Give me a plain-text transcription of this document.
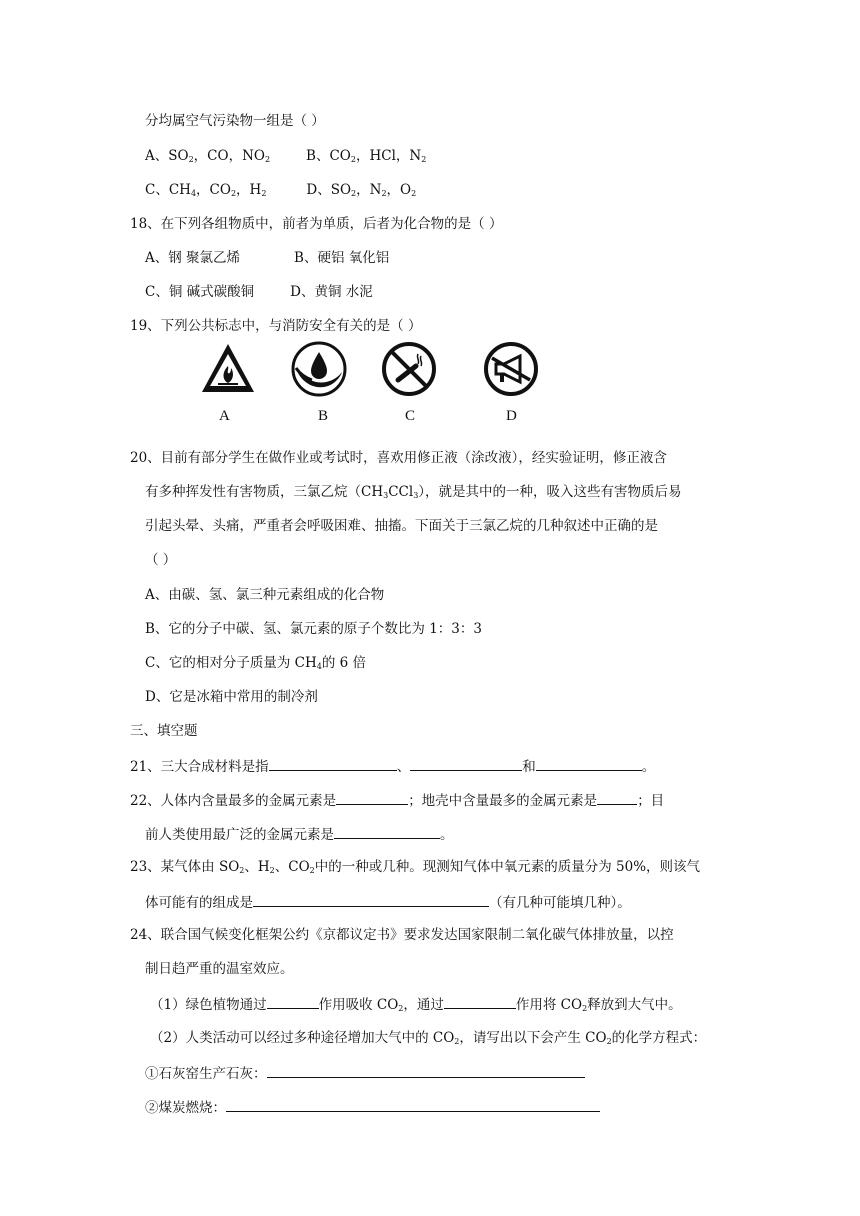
分均属空气污染物一组是（ ）
A、$SO_2$，CO，$NO_2$	B、$CO_2$，HCl，$N_2$
C、$CH_4$，$CO_2$，$H_2$	D、$SO_2$，$N_2$，$O_2$
18、在下列各组物质中，前者为单质，后者为化合物的是（ ）
A、钢 聚氯乙烯	B、硬铝 氧化铝
C、铜 碱式碳酸铜	D、黄铜 水泥
19、下列公共标志中，与消防安全有关的是（ ）
A	B	C	D
20、目前有部分学生在做作业或考试时，喜欢用修正液（涂改液），经实验证明，修正液含
有多种挥发性有害物质，三氯乙烷$(CH_3CCl_3)$，就是其中的一种，吸入这些有害物质后易
引起头晕、头痛，严重者会呼吸困难、抽搐。下面关于三氯乙烷的几种叙述中正确的是
（ ）
A、由碳、氢、氯三种元素组成的化合物
B、它的分子中碳、氢、氯元素的原子个数比为 1：3：3
C、它的相对分子质量为 $CH_4$的 6 倍
D、它是冰箱中常用的制冷剂
三、填空题
21、三大合成材料是指	、	和	。
22、人体内含量最多的金属元素是	；地壳中含量最多的金属元素是	；目
前人类使用最广泛的金属元素是	。
23、某气体由 $SO_2$、$H_2$、$CO_2$中的一种或几种。现测知气体中氧元素的质量分为 50%，则该气
体可能有的组成是	（有几种可能填几种）。
24、联合国气候变化框架公约《京都议定书》要求发达国家限制二氧化碳气体排放量，以控
制日趋严重的温室效应。
（1）绿色植物通过	作用吸收 $CO_2$，通过	作用将 $CO_2$释放到大气中。
（2）人类活动可以经过多种途径增加大气中的 $CO_2$，请写出以下会产生 $CO_2$的化学方程式：
①石灰窑生产石灰：
②煤炭燃烧：
